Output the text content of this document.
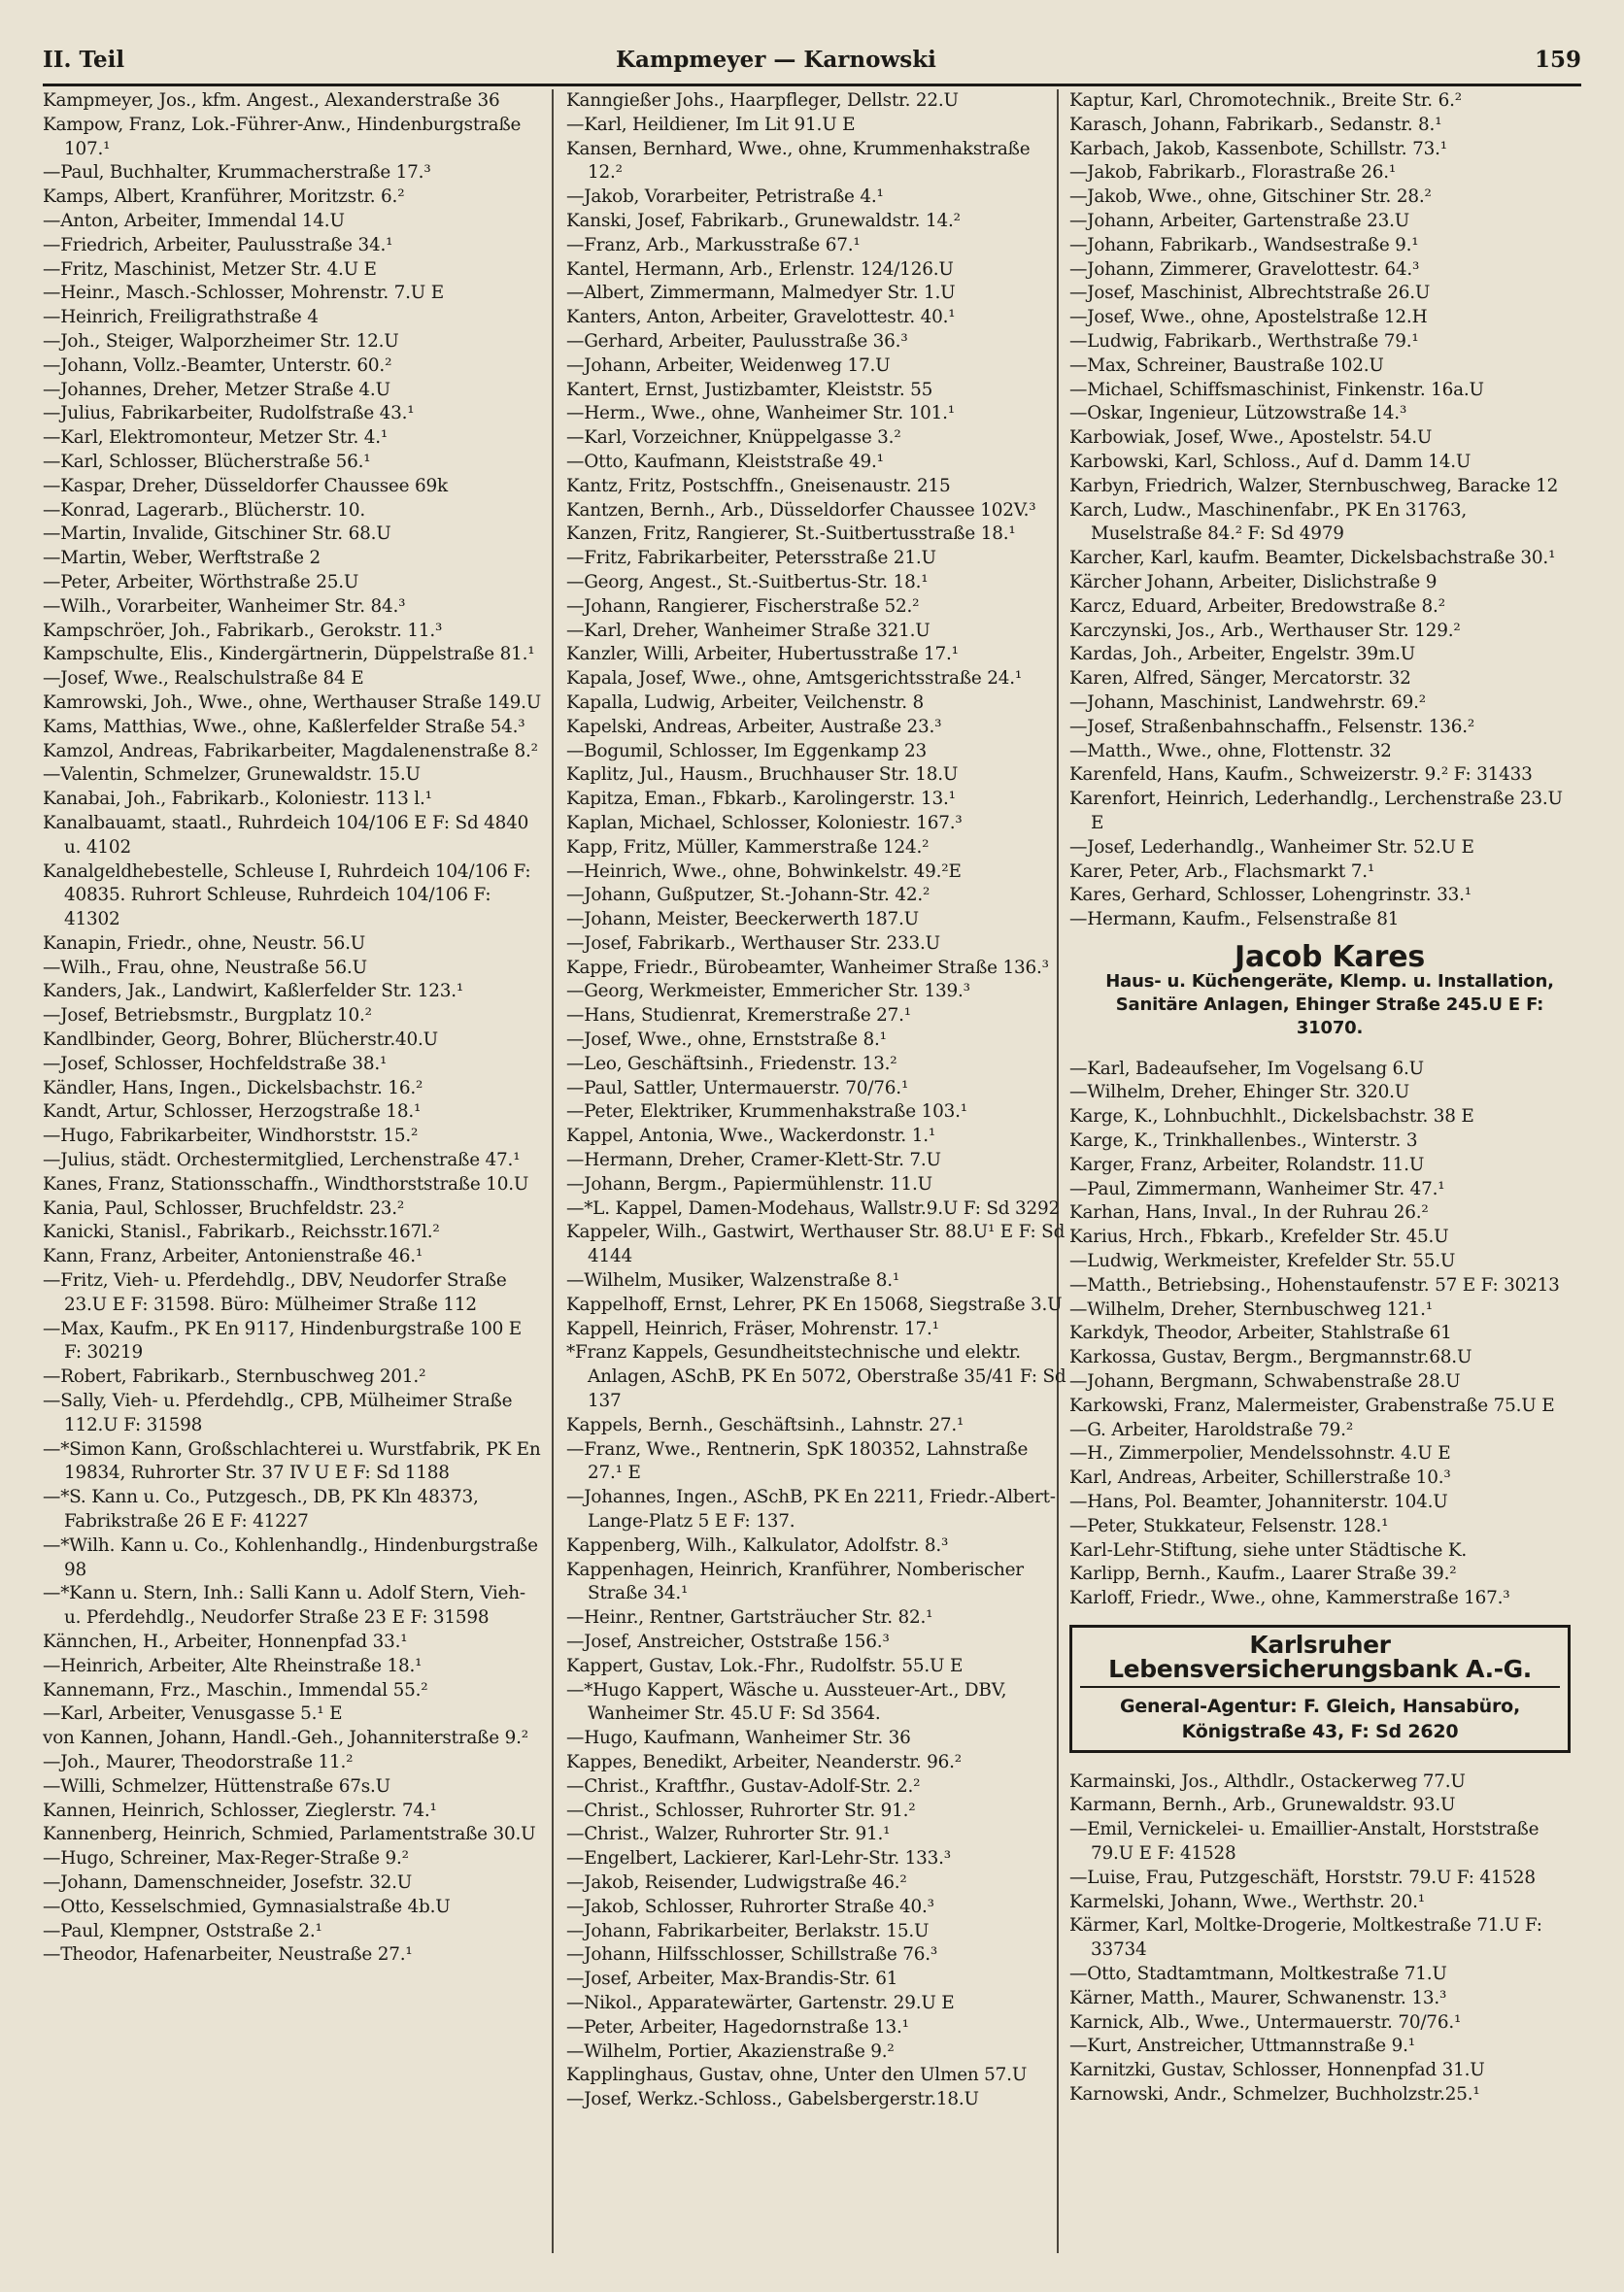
II. Teil	Kampmeyer — Karnowski	159
Kampmeyer, Jos., kfm. Angest., Alexanderstraße 36
Kampow, Franz, Lok.-Führer-Anw., Hindenburgstraße 107.¹
—Paul, Buchhalter, Krummacherstraße 17.³
Kamps, Albert, Kranführer, Moritzstr. 6.²
—Anton, Arbeiter, Immendal 14.U
—Friedrich, Arbeiter, Paulusstraße 34.¹
—Fritz, Maschinist, Metzer Str. 4.U E
—Heinr., Masch.-Schlosser, Mohrenstr. 7.U E
—Heinrich, Freiligrathstraße 4
—Joh., Steiger, Walporzheimer Str. 12.U
—Johann, Vollz.-Beamter, Unterstr. 60.²
—Johannes, Dreher, Metzer Straße 4.U
—Julius, Fabrikarbeiter, Rudolfstraße 43.¹
—Karl, Elektromonteur, Metzer Str. 4.¹
—Karl, Schlosser, Blücherstraße 56.¹
—Kaspar, Dreher, Düsseldorfer Chaussee 69k
—Konrad, Lagerarb., Blücherstr. 10.
—Martin, Invalide, Gitschiner Str. 68.U
—Martin, Weber, Werftstraße 2
—Peter, Arbeiter, Wörthstraße 25.U
—Wilh., Vorarbeiter, Wanheimer Str. 84.³
Kampschröer, Joh., Fabrikarb., Gerokstr. 11.³
Kampschulte, Elis., Kindergärtnerin, Düppelstraße 81.¹
—Josef, Wwe., Realschulstraße 84 E
Kamrowski, Joh., Wwe., ohne, Werthauser Straße 149.U
Kams, Matthias, Wwe., ohne, Kaßlerfelder Straße 54.³
Kamzol, Andreas, Fabrikarbeiter, Magdalenenstraße 8.²
—Valentin, Schmelzer, Grunewaldstr. 15.U
Kanabai, Joh., Fabrikarb., Koloniestr. 113 l.¹
Kanalbauamt, staatl., Ruhrdeich 104/106 E F: Sd 4840 u. 4102
Kanalgeldhebestelle, Schleuse I, Ruhrdeich 104/106 F: 40835. Ruhrort Schleuse, Ruhrdeich 104/106 F: 41302
Kanapin, Friedr., ohne, Neustr. 56.U
—Wilh., Frau, ohne, Neustraße 56.U
Kanders, Jak., Landwirt, Kaßlerfelder Str. 123.¹
—Josef, Betriebsmstr., Burgplatz 10.²
Kandlbinder, Georg, Bohrer, Blücherstr.40.U
—Josef, Schlosser, Hochfeldstraße 38.¹
Kändler, Hans, Ingen., Dickelsbachstr. 16.²
Kandt, Artur, Schlosser, Herzogstraße 18.¹
—Hugo, Fabrikarbeiter, Windhorststr. 15.²
—Julius, städt. Orchestermitglied, Lerchenstraße 47.¹
Kanes, Franz, Stationsschaffn., Windthorststraße 10.U
Kania, Paul, Schlosser, Bruchfeldstr. 23.²
Kanicki, Stanisl., Fabrikarb., Reichsstr.167l.²
Kann, Franz, Arbeiter, Antonienstraße 46.¹
—Fritz, Vieh- u. Pferdehdlg., DBV, Neudorfer Straße 23.U E F: 31598. Büro: Mülheimer Straße 112
—Max, Kaufm., PK En 9117, Hindenburgstraße 100 E F: 30219
—Robert, Fabrikarb., Sternbuschweg 201.²
—Sally, Vieh- u. Pferdehdlg., CPB, Mülheimer Straße 112.U F: 31598
—*Simon Kann, Großschlachterei u. Wurstfabrik, PK En 19834, Ruhrorter Str. 37 IV U E F: Sd 1188
—*S. Kann u. Co., Putzgesch., DB, PK Kln 48373, Fabrikstraße 26 E F: 41227
—*Wilh. Kann u. Co., Kohlenhandlg., Hindenburgstraße 98
—*Kann u. Stern, Inh.: Salli Kann u. Adolf Stern, Vieh- u. Pferdehdlg., Neudorfer Straße 23 E F: 31598
Kännchen, H., Arbeiter, Honnenpfad 33.¹
—Heinrich, Arbeiter, Alte Rheinstraße 18.¹
Kannemann, Frz., Maschin., Immendal 55.²
—Karl, Arbeiter, Venusgasse 5.¹ E
von Kannen, Johann, Handl.-Geh., Johanniterstraße 9.²
—Joh., Maurer, Theodorstraße 11.²
—Willi, Schmelzer, Hüttenstraße 67s.U
Kannen, Heinrich, Schlosser, Zieglerstr. 74.¹
Kannenberg, Heinrich, Schmied, Parlamentstraße 30.U
—Hugo, Schreiner, Max-Reger-Straße 9.²
—Johann, Damenschneider, Josefstr. 32.U
—Otto, Kesselschmied, Gymnasialstraße 4b.U
—Paul, Klempner, Oststraße 2.¹
—Theodor, Hafenarbeiter, Neustraße 27.¹
Kanngießer Johs., Haarpfleger, Dellstr. 22.U
—Karl, Heildiener, Im Lit 91.U E
Kansen, Bernhard, Wwe., ohne, Krummenhakstraße 12.²
—Jakob, Vorarbeiter, Petristraße 4.¹
Kanski, Josef, Fabrikarb., Grunewaldstr. 14.²
—Franz, Arb., Markusstraße 67.¹
Kantel, Hermann, Arb., Erlenstr. 124/126.U
—Albert, Zimmermann, Malmedyer Str. 1.U
Kanters, Anton, Arbeiter, Gravelottestr. 40.¹
—Gerhard, Arbeiter, Paulusstraße 36.³
—Johann, Arbeiter, Weidenweg 17.U
Kantert, Ernst, Justizbamter, Kleiststr. 55
—Herm., Wwe., ohne, Wanheimer Str. 101.¹
—Karl, Vorzeichner, Knüppelgasse 3.²
—Otto, Kaufmann, Kleiststraße 49.¹
Kantz, Fritz, Postschffn., Gneisenaustr. 215
Kantzen, Bernh., Arb., Düsseldorfer Chaussee 102V.³
Kanzen, Fritz, Rangierer, St.-Suitbertusstraße 18.¹
—Fritz, Fabrikarbeiter, Petersstraße 21.U
—Georg, Angest., St.-Suitbertus-Str. 18.¹
—Johann, Rangierer, Fischerstraße 52.²
—Karl, Dreher, Wanheimer Straße 321.U
Kanzler, Willi, Arbeiter, Hubertusstraße 17.¹
Kapala, Josef, Wwe., ohne, Amtsgerichtsstraße 24.¹
Kapalla, Ludwig, Arbeiter, Veilchenstr. 8
Kapelski, Andreas, Arbeiter, Austraße 23.³
—Bogumil, Schlosser, Im Eggenkamp 23
Kaplitz, Jul., Hausm., Bruchhauser Str. 18.U
Kapitza, Eman., Fbkarb., Karolingerstr. 13.¹
Kaplan, Michael, Schlosser, Koloniestr. 167.³
Kapp, Fritz, Müller, Kammerstraße 124.²
—Heinrich, Wwe., ohne, Bohwinkelstr. 49.²E
—Johann, Gußputzer, St.-Johann-Str. 42.²
—Johann, Meister, Beeckerwerth 187.U
—Josef, Fabrikarb., Werthauser Str. 233.U
Kappe, Friedr., Bürobeamter, Wanheimer Straße 136.³
—Georg, Werkmeister, Emmericher Str. 139.³
—Hans, Studienrat, Kremerstraße 27.¹
—Josef, Wwe., ohne, Ernststraße 8.¹
—Leo, Geschäftsinh., Friedenstr. 13.²
—Paul, Sattler, Untermauerstr. 70/76.¹
—Peter, Elektriker, Krummenhakstraße 103.¹
Kappel, Antonia, Wwe., Wackerdonstr. 1.¹
—Hermann, Dreher, Cramer-Klett-Str. 7.U
—Johann, Bergm., Papiermühlenstr. 11.U
—*L. Kappel, Damen-Modehaus, Wallstr.9.U F: Sd 3292
Kappeler, Wilh., Gastwirt, Werthauser Str. 88.U¹ E F: Sd 4144
—Wilhelm, Musiker, Walzenstraße 8.¹
Kappelhoff, Ernst, Lehrer, PK En 15068, Siegstraße 3.U
Kappell, Heinrich, Fräser, Mohrenstr. 17.¹
*Franz Kappels, Gesundheitstechnische und elektr. Anlagen, ASchB, PK En 5072, Oberstraße 35/41 F: Sd 137
Kappels, Bernh., Geschäftsinh., Lahnstr. 27.¹
—Franz, Wwe., Rentnerin, SpK 180352, Lahnstraße 27.¹ E
—Johannes, Ingen., ASchB, PK En 2211, Friedr.-Albert-Lange-Platz 5 E F: 137.
Kappenberg, Wilh., Kalkulator, Adolfstr. 8.³
Kappenhagen, Heinrich, Kranführer, Nomberischer Straße 34.¹
—Heinr., Rentner, Gartsträucher Str. 82.¹
—Josef, Anstreicher, Oststraße 156.³
Kappert, Gustav, Lok.-Fhr., Rudolfstr. 55.U E
—*Hugo Kappert, Wäsche u. Aussteuer-Art., DBV, Wanheimer Str. 45.U F: Sd 3564.
—Hugo, Kaufmann, Wanheimer Str. 36
Kappes, Benedikt, Arbeiter, Neanderstr. 96.²
—Christ., Kraftfhr., Gustav-Adolf-Str. 2.²
—Christ., Schlosser, Ruhrorter Str. 91.²
—Christ., Walzer, Ruhrorter Str. 91.¹
—Engelbert, Lackierer, Karl-Lehr-Str. 133.³
—Jakob, Reisender, Ludwigstraße 46.²
—Jakob, Schlosser, Ruhrorter Straße 40.³
—Johann, Fabrikarbeiter, Berlakstr. 15.U
—Johann, Hilfsschlosser, Schillstraße 76.³
—Josef, Arbeiter, Max-Brandis-Str. 61
—Nikol., Apparatewärter, Gartenstr. 29.U E
—Peter, Arbeiter, Hagedornstraße 13.¹
—Wilhelm, Portier, Akazienstraße 9.²
Kapplinghaus, Gustav, ohne, Unter den Ulmen 57.U
—Josef, Werkz.-Schloss., Gabelsbergerstr.18.U
Kaptur, Karl, Chromotechnik., Breite Str. 6.²
Karasch, Johann, Fabrikarb., Sedanstr. 8.¹
Karbach, Jakob, Kassenbote, Schillstr. 73.¹
—Jakob, Fabrikarb., Florastraße 26.¹
—Jakob, Wwe., ohne, Gitschiner Str. 28.²
—Johann, Arbeiter, Gartenstraße 23.U
—Johann, Fabrikarb., Wandsestraße 9.¹
—Johann, Zimmerer, Gravelottestr. 64.³
—Josef, Maschinist, Albrechtstraße 26.U
—Josef, Wwe., ohne, Apostelstraße 12.H
—Ludwig, Fabrikarb., Werthstraße 79.¹
—Max, Schreiner, Baustraße 102.U
—Michael, Schiffsmaschinist, Finkenstr. 16a.U
—Oskar, Ingenieur, Lützowstraße 14.³
Karbowiak, Josef, Wwe., Apostelstr. 54.U
Karbowski, Karl, Schloss., Auf d. Damm 14.U
Karbyn, Friedrich, Walzer, Sternbuschweg, Baracke 12
Karch, Ludw., Maschinenfabr., PK En 31763, Muselstraße 84.² F: Sd 4979
Karcher, Karl, kaufm. Beamter, Dickelsbachstraße 30.¹
Kärcher Johann, Arbeiter, Dislichstraße 9
Karcz, Eduard, Arbeiter, Bredowstraße 8.²
Karczynski, Jos., Arb., Werthauser Str. 129.²
Kardas, Joh., Arbeiter, Engelstr. 39m.U
Karen, Alfred, Sänger, Mercatorstr. 32
—Johann, Maschinist, Landwehrstr. 69.²
—Josef, Straßenbahnschaffn., Felsenstr. 136.²
—Matth., Wwe., ohne, Flottenstr. 32
Karenfeld, Hans, Kaufm., Schweizerstr. 9.² F: 31433
Karenfort, Heinrich, Lederhandlg., Lerchenstraße 23.U E
—Josef, Lederhandlg., Wanheimer Str. 52.U E
Karer, Peter, Arb., Flachsmarkt 7.¹
Kares, Gerhard, Schlosser, Lohengrinstr. 33.¹
—Hermann, Kaufm., Felsenstraße 81
Jacob Kares
Haus- u. Küchengeräte, Klemp. u. Installation, Sanitäre Anlagen, Ehinger Straße 245.U E F: 31070.
—Karl, Badeaufseher, Im Vogelsang 6.U
—Wilhelm, Dreher, Ehinger Str. 320.U
Karge, K., Lohnbuchhlt., Dickelsbachstr. 38 E
Karge, K., Trinkhallenbes., Winterstr. 3
Karger, Franz, Arbeiter, Rolandstr. 11.U
—Paul, Zimmermann, Wanheimer Str. 47.¹
Karhan, Hans, Inval., In der Ruhrau 26.²
Karius, Hrch., Fbkarb., Krefelder Str. 45.U
—Ludwig, Werkmeister, Krefelder Str. 55.U
—Matth., Betriebsing., Hohenstaufenstr. 57 E F: 30213
—Wilhelm, Dreher, Sternbuschweg 121.¹
Karkdyk, Theodor, Arbeiter, Stahlstraße 61
Karkossa, Gustav, Bergm., Bergmannstr.68.U
—Johann, Bergmann, Schwabenstraße 28.U
Karkowski, Franz, Malermeister, Grabenstraße 75.U E
—G. Arbeiter, Haroldstraße 79.²
—H., Zimmerpolier, Mendelssohnstr. 4.U E
Karl, Andreas, Arbeiter, Schillerstraße 10.³
—Hans, Pol. Beamter, Johanniterstr. 104.U
—Peter, Stukkateur, Felsenstr. 128.¹
Karl-Lehr-Stiftung, siehe unter Städtische K.
Karlipp, Bernh., Kaufm., Laarer Straße 39.²
Karloff, Friedr., Wwe., ohne, Kammerstraße 167.³
Karlsruher Lebensversicherungsbank A.-G.
General-Agentur: F. Gleich, Hansabüro, Königstraße 43, F: Sd 2620
Karmainski, Jos., Althdlr., Ostackerweg 77.U
Karmann, Bernh., Arb., Grunewaldstr. 93.U
—Emil, Vernickelei- u. Emaillier-Anstalt, Horststraße 79.U E F: 41528
—Luise, Frau, Putzgeschäft, Horststr. 79.U F: 41528
Karmelski, Johann, Wwe., Werthstr. 20.¹
Kärmer, Karl, Moltke-Drogerie, Moltkestraße 71.U F: 33734
—Otto, Stadtamtmann, Moltkestraße 71.U
Kärner, Matth., Maurer, Schwanenstr. 13.³
Karnick, Alb., Wwe., Untermauerstr. 70/76.¹
—Kurt, Anstreicher, Uttmannstraße 9.¹
Karnitzki, Gustav, Schlosser, Honnenpfad 31.U
Karnowski, Andr., Schmelzer, Buchholzstr.25.¹
